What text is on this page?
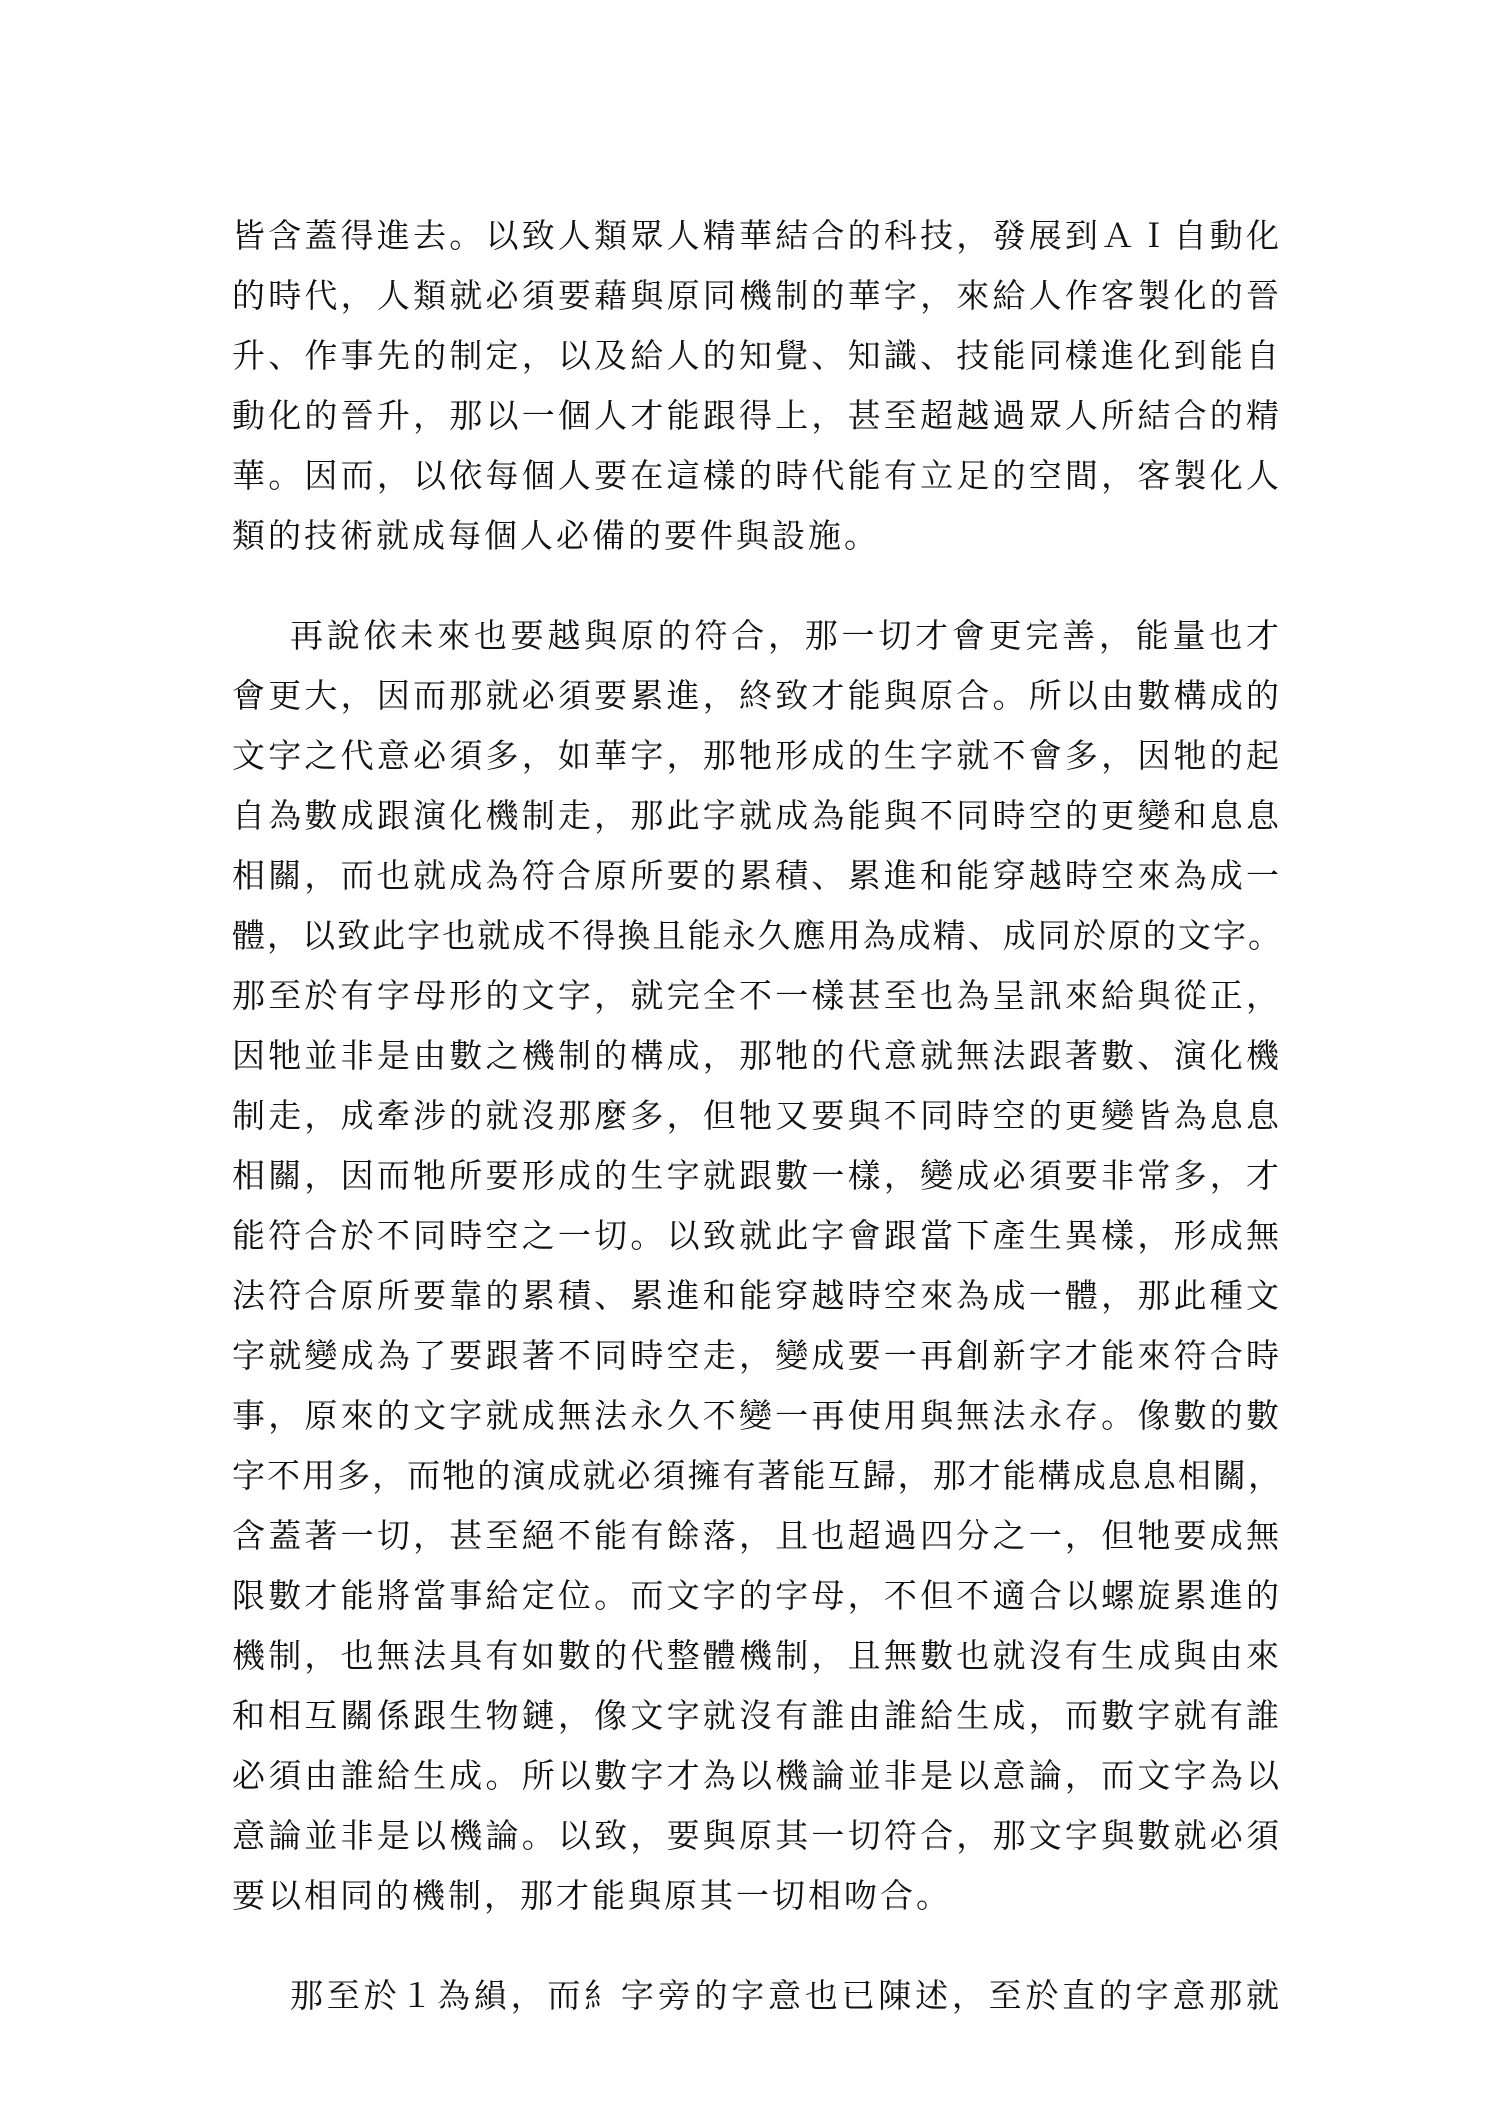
皆含蓋得進去。以致人類眾人精華結合的科技，發展到ＡＩ自動化
的時代，人類就必須要藉與原同機制的華字，來給人作客製化的晉
升、作事先的制定，以及給人的知覺、知識、技能同樣進化到能自
動化的晉升，那以一個人才能跟得上，甚至超越過眾人所結合的精
華。因而，以依每個人要在這樣的時代能有立足的空間，客製化人
類的技術就成每個人必備的要件與設施。
再說依未來也要越與原的符合，那一切才會更完善，能量也才
會更大，因而那就必須要累進，終致才能與原合。所以由數構成的
文字之代意必須多，如華字，那牠形成的生字就不會多，因牠的起
自為數成跟演化機制走，那此字就成為能與不同時空的更變和息息
相關，而也就成為符合原所要的累積、累進和能穿越時空來為成一
體，以致此字也就成不得換且能永久應用為成精、成同於原的文字。
那至於有字母形的文字，就完全不一樣甚至也為呈訊來給與從正，
因牠並非是由數之機制的構成，那牠的代意就無法跟著數、演化機
制走，成牽涉的就沒那麼多，但牠又要與不同時空的更變皆為息息
相關，因而牠所要形成的生字就跟數一樣，變成必須要非常多，才
能符合於不同時空之一切。以致就此字會跟當下產生異樣，形成無
法符合原所要靠的累積、累進和能穿越時空來為成一體，那此種文
字就變成為了要跟著不同時空走，變成要一再創新字才能來符合時
事，原來的文字就成無法永久不變一再使用與無法永存。像數的數
字不用多，而牠的演成就必須擁有著能互歸，那才能構成息息相關，
含蓋著一切，甚至絕不能有餘落，且也超過四分之一，但牠要成無
限數才能將當事給定位。而文字的字母，不但不適合以螺旋累進的
機制，也無法具有如數的代整體機制，且無數也就沒有生成與由來
和相互關係跟生物鏈，像文字就沒有誰由誰給生成，而數字就有誰
必須由誰給生成。所以數字才為以機論並非是以意論，而文字為以
意論並非是以機論。以致，要與原其一切符合，那文字與數就必須
要以相同的機制，那才能與原其一切相吻合。
那至於１為縜，而糹字旁的字意也已陳述，至於直的字意那就
